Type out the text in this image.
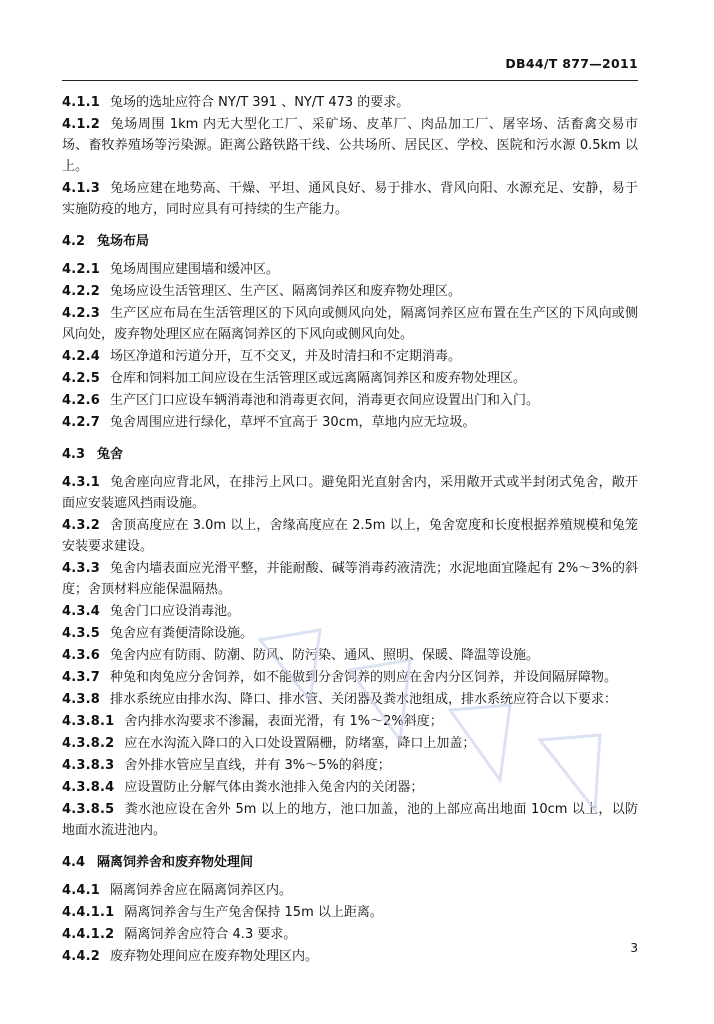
DB44/T 877—2011
4.1.1 兔场的选址应符合 NY/T 391 、NY/T 473 的要求。
4.1.2 兔场周围 1km 内无大型化工厂、采矿场、皮革厂、肉品加工厂、屠宰场、活畜禽交易市场、畜牧养殖场等污染源。距离公路铁路干线、公共场所、居民区、学校、医院和污水源 0.5km 以上。
4.1.3 兔场应建在地势高、干燥、平坦、通风良好、易于排水、背风向阳、水源充足、安静，易于实施防疫的地方，同时应具有可持续的生产能力。
4.2 兔场布局
4.2.1 兔场周围应建围墙和缓冲区。
4.2.2 兔场应设生活管理区、生产区、隔离饲养区和废弃物处理区。
4.2.3 生产区应布局在生活管理区的下风向或侧风向处，隔离饲养区应布置在生产区的下风向或侧风向处，废弃物处理区应在隔离饲养区的下风向或侧风向处。
4.2.4 场区净道和污道分开，互不交叉，并及时清扫和不定期消毒。
4.2.5 仓库和饲料加工间应设在生活管理区或远离隔离饲养区和废弃物处理区。
4.2.6 生产区门口应设车辆消毒池和消毒更衣间，消毒更衣间应设置出门和入门。
4.2.7 兔舍周围应进行绿化，草坪不宜高于 30cm，草地内应无垃圾。
4.3 兔舍
4.3.1 兔舍座向应背北风，在排污上风口。避兔阳光直射舍内，采用敞开式或半封闭式兔舍，敞开面应安装遮风挡雨设施。
4.3.2 舍顶高度应在 3.0m 以上，舍缘高度应在 2.5m 以上，兔舍宽度和长度根据养殖规模和兔笼安装要求建设。
4.3.3 兔舍内墙表面应光滑平整，并能耐酸、碱等消毒药液清洗；水泥地面宜隆起有 2%～3%的斜度；舍顶材料应能保温隔热。
4.3.4 兔舍门口应设消毒池。
4.3.5 兔舍应有粪便清除设施。
4.3.6 兔舍内应有防雨、防潮、防风、防污染、通风、照明、保暖、降温等设施。
4.3.7 种兔和肉兔应分舍饲养，如不能做到分舍饲养的则应在舍内分区饲养，并设间隔屏障物。
4.3.8 排水系统应由排水沟、降口、排水管、关闭器及粪水池组成，排水系统应符合以下要求：
4.3.8.1 舍内排水沟要求不渗漏，表面光滑，有 1%～2%斜度；
4.3.8.2 应在水沟流入降口的入口处设置隔栅，防堵塞，降口上加盖；
4.3.8.3 舍外排水管应呈直线，并有 3%～5%的斜度；
4.3.8.4 应设置防止分解气体由粪水池排入兔舍内的关闭器；
4.3.8.5 粪水池应设在舍外 5m 以上的地方，池口加盖，池的上部应高出地面 10cm 以上，以防地面水流进池内。
4.4 隔离饲养舍和废弃物处理间
4.4.1 隔离饲养舍应在隔离饲养区内。
4.4.1.1 隔离饲养舍与生产兔舍保持 15m 以上距离。
4.4.1.2 隔离饲养舍应符合 4.3 要求。
4.4.2 废弃物处理间应在废弃物处理区内。
3
